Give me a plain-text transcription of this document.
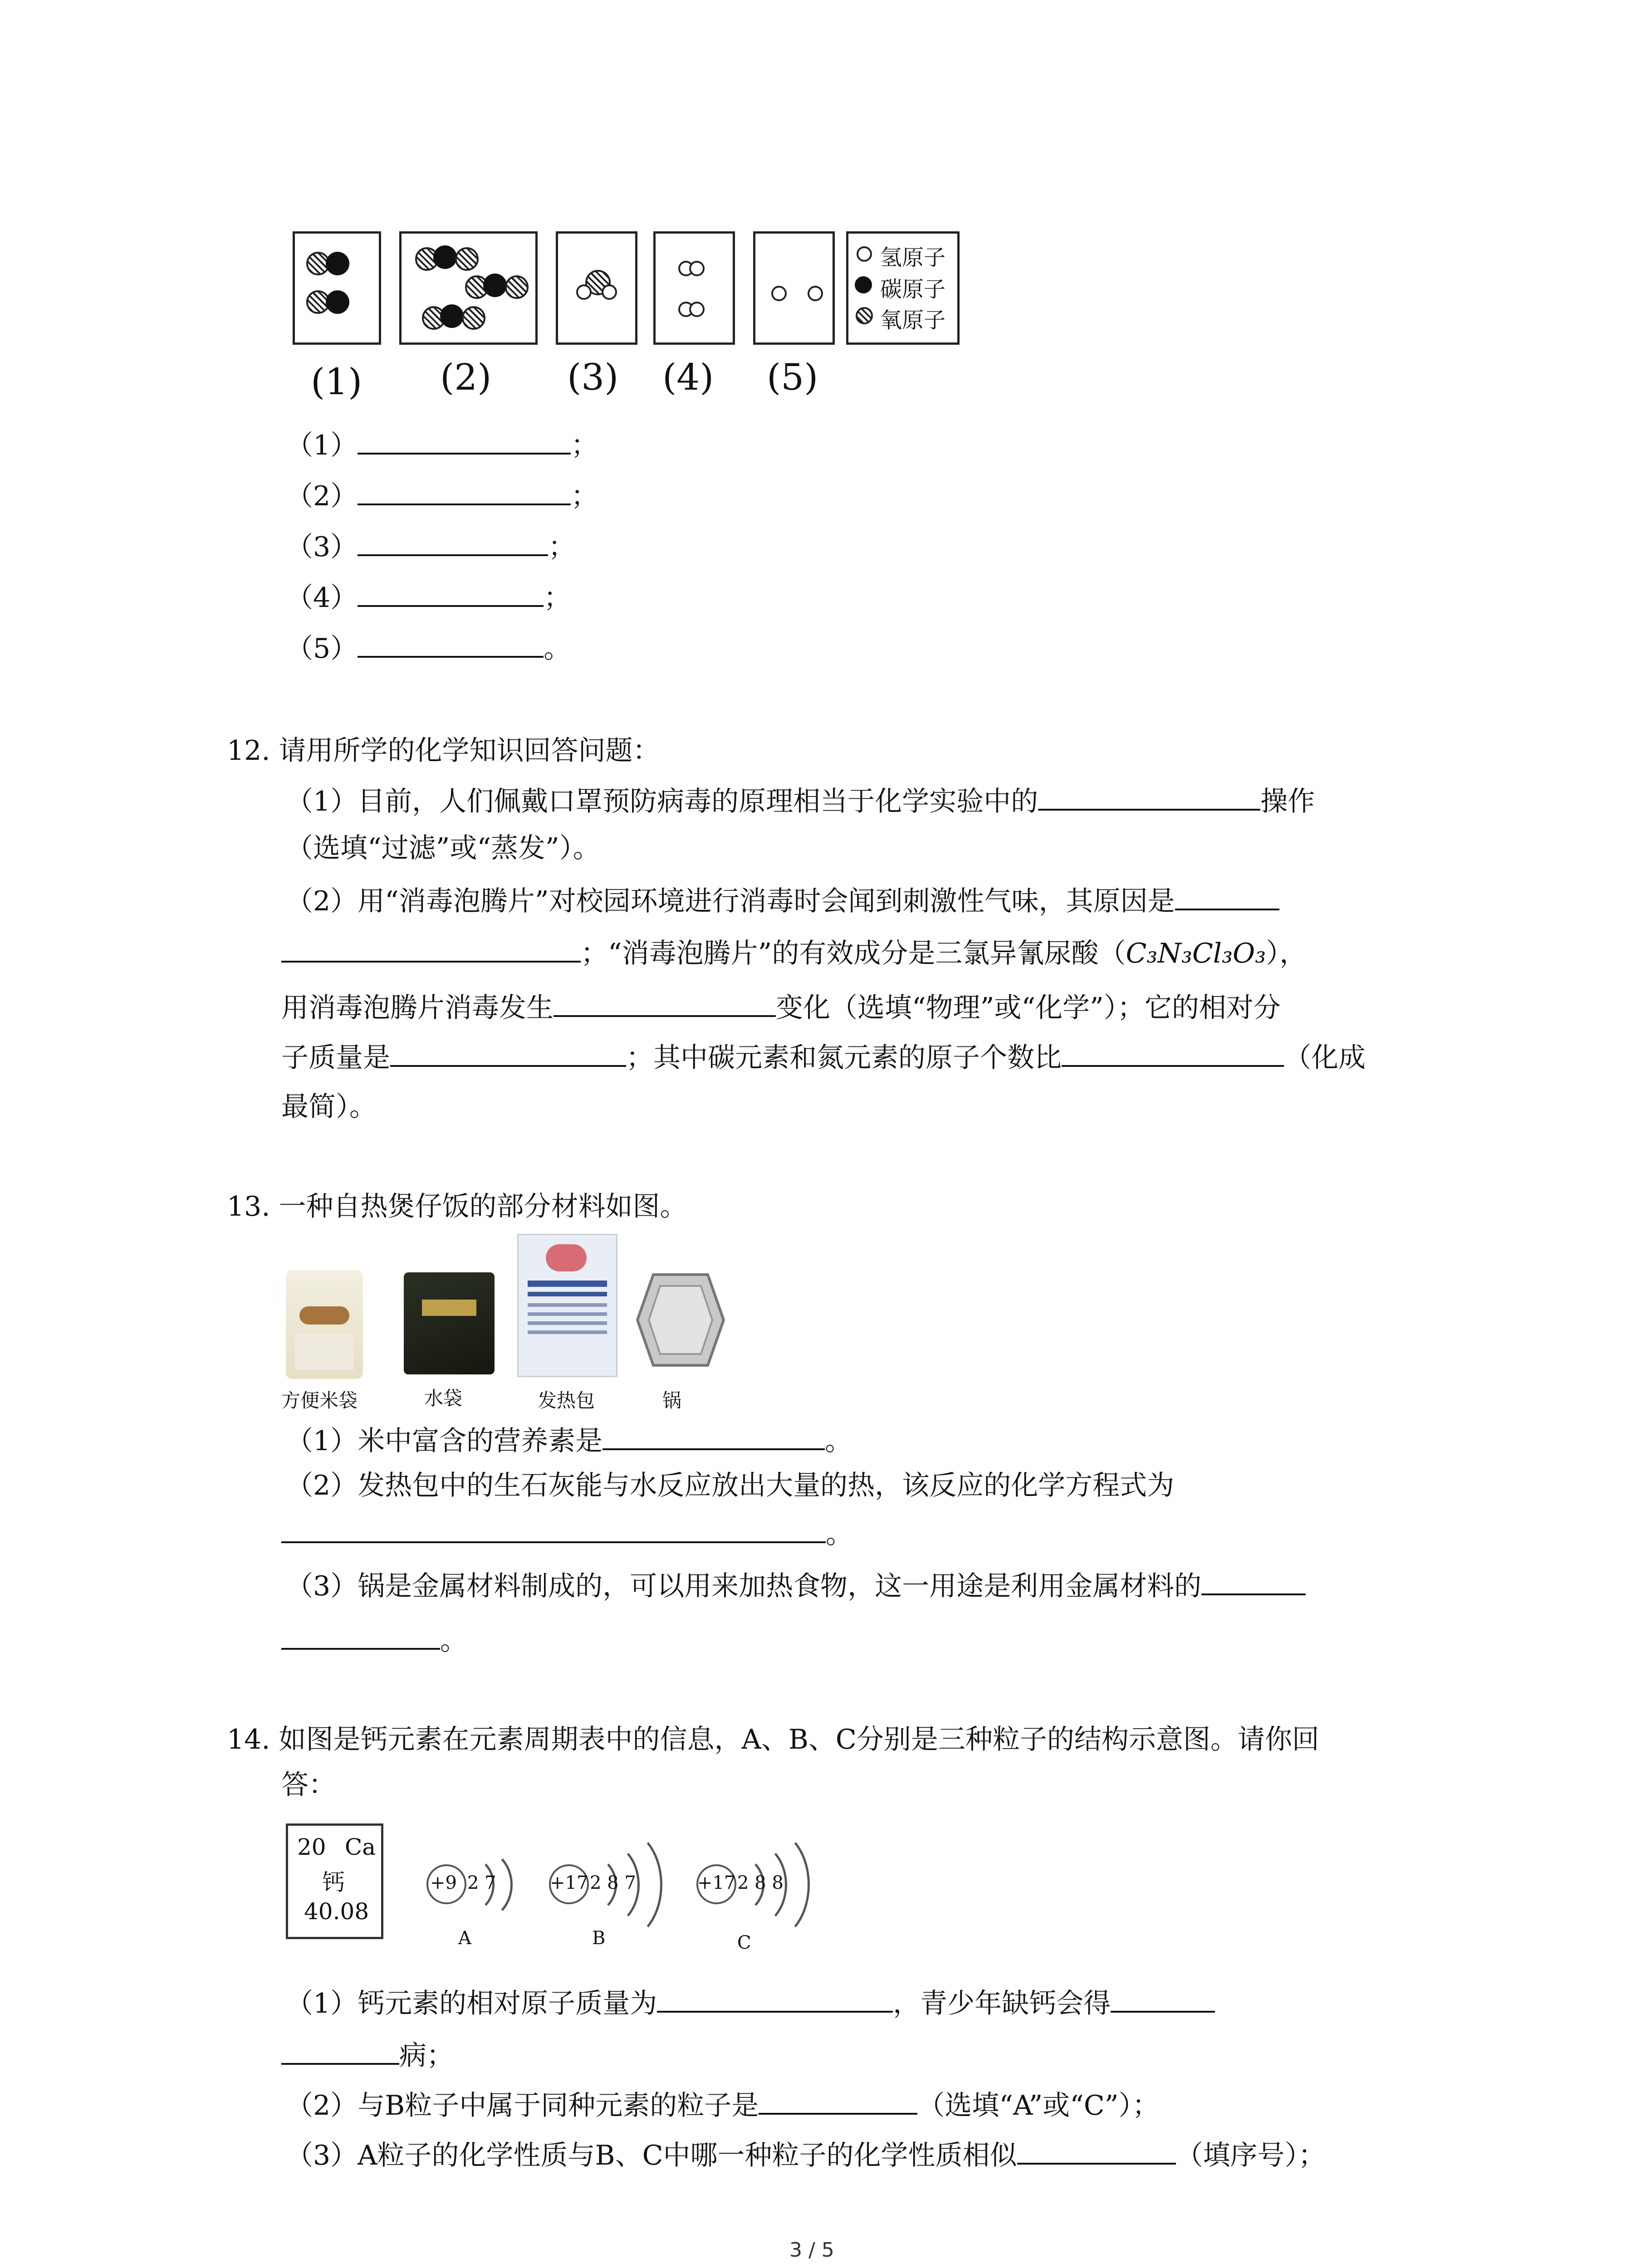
氢原子
碳原子
氧原子
(1) (2) (3) (4) (5)
（1）	；
（2）	；
（3）	；
（4）	；
（5）	。
12. 请用所学的化学知识回答问题：
（1）目前，人们佩戴口罩预防病毒的原理相当于化学实验中的	操作
（选填“过滤”或“蒸发”）。
（2）用“消毒泡腾片”对校园环境进行消毒时会闻到刺激性气味，其原因是
；“消毒泡腾片”的有效成分是三氯异氰尿酸（C₃N₃Cl₃O₃），
用消毒泡腾片消毒发生	变化（选填“物理”或“化学”）；它的相对分
子质量是	；其中碳元素和氮元素的原子个数比	（化成
最简）。
13. 一种自热煲仔饭的部分材料如图。
方便米袋	水袋	发热包	锅
（1）米中富含的营养素是	。
（2）发热包中的生石灰能与水反应放出大量的热，该反应的化学方程式为
。
（3）锅是金属材料制成的，可以用来加热食物，这一用途是利用金属材料的
。
14. 如图是钙元素在元素周期表中的信息，A、B、C分别是三种粒子的结构示意图。请你回
答：
20 Ca
钙
40.08
+9 2 7
A
+17 2 8 7
B
+17 2 8 8
C
（1）钙元素的相对原子质量为	，青少年缺钙会得
病；
（2）与B粒子中属于同种元素的粒子是	（选填“A”或“C”）；
（3）A粒子的化学性质与B、C中哪一种粒子的化学性质相似	（填序号）；
3 / 5
